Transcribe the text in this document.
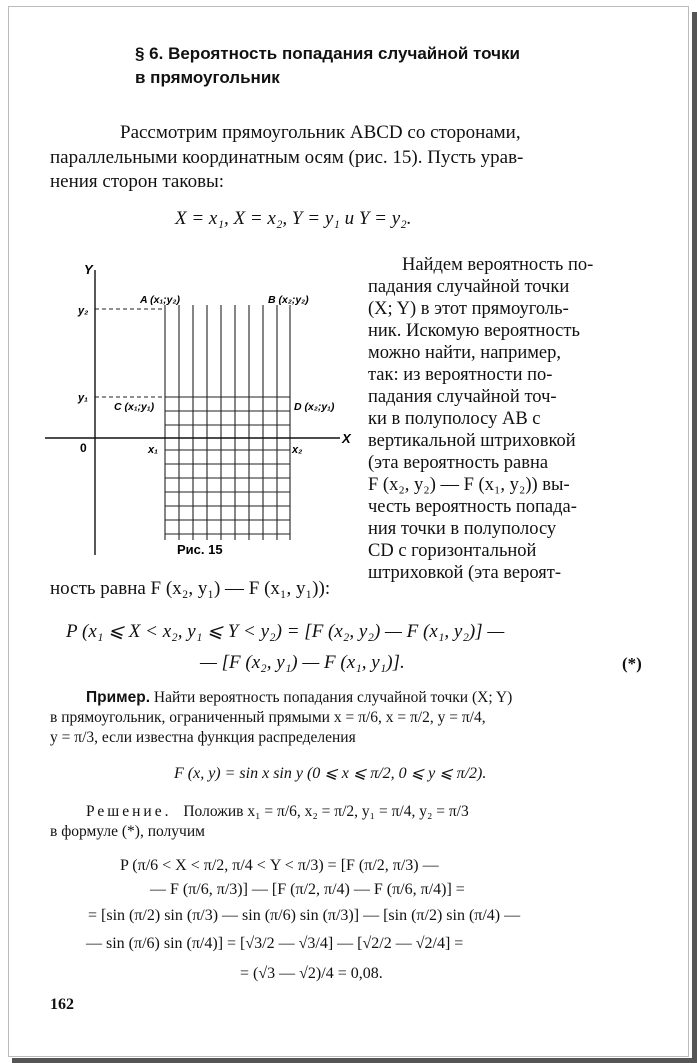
§ 6. Вероятность попадания случайной точки
в прямоугольник
Рассмотрим прямоугольник ABCD со сторонами,
параллельными координатным осям (рис. 15). Пусть урав-
нения сторон таковы:
X = x₁, X = x₂, Y = y₁ и Y = y₂.
Y
X
0
y₂
y₁
x₁	x₂
A (x₁;y₂)	B (x₂;y₂)
C (x₁;y₁)	D (x₂;y₁)
Рис. 15
Найдем вероятность по-
падания случайной точки
(X; Y) в этот прямоуголь-
ник. Искомую вероятность
можно найти, например,
так: из вероятности по-
падания случайной точ-
ки в полуполосу AB с
вертикальной штриховкой
(эта вероятность равна
F (x₂, y₂) — F (x₁, y₂)) вы-
честь вероятность попада-
ния точки в полуполосу
CD с горизонтальной
штриховкой (эта вероят-
ность равна F (x₂, y₁) — F (x₁, y₁)):
P (x₁ ⩽ X < x₂, y₁ ⩽ Y < y₂) = [F (x₂, y₂) — F (x₁, y₂)] —
— [F (x₂, y₁) — F (x₁, y₁)].	(*)
Пример. Найти вероятность попадания случайной точки (X; Y)
в прямоугольник, ограниченный прямыми x = π/6, x = π/2, y = π/4,
y = π/3, если известна функция распределения
F (x, y) = sin x sin y (0 ⩽ x ⩽ π/2, 0 ⩽ y ⩽ π/2).
Решение. Положив x₁ = π/6, x₂ = π/2, y₁ = π/4, y₂ = π/3
в формуле (*), получим
P (π/6 < X < π/2, π/4 < Y < π/3) = [F (π/2, π/3) —
— F (π/6, π/3)] — [F (π/2, π/4) — F (π/6, π/4)] =
= [sin (π/2) sin (π/3) — sin (π/6) sin (π/3)] — [sin (π/2) sin (π/4) —
— sin (π/6) sin (π/4)] = [√3/2 — √3/4] — [√2/2 — √2/4] =
= (√3 — √2)/4 = 0,08.
162
